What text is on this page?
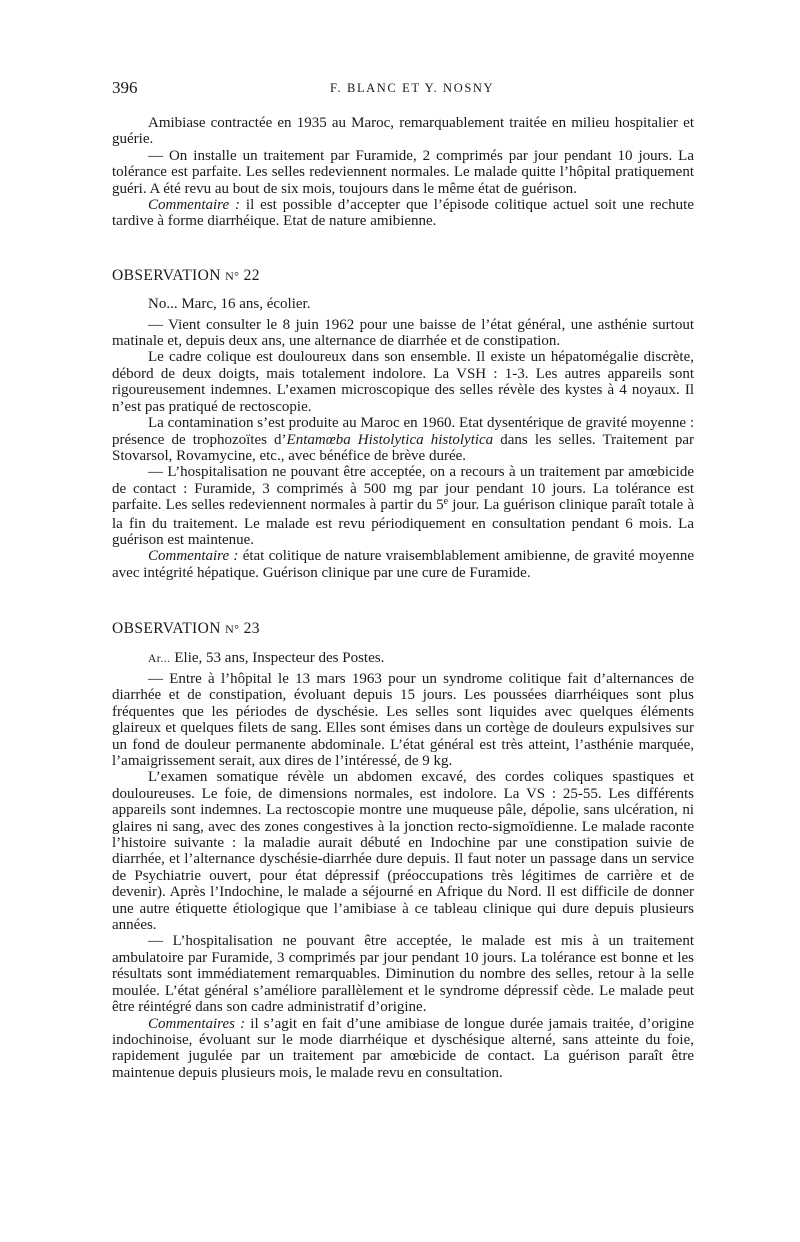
396	F. BLANC ET Y. NOSNY

Amibiase contractée en 1935 au Maroc, remarquablement traitée en milieu hospitalier et guérie.

— On installe un traitement par Furamide, 2 comprimés par jour pendant 10 jours. La tolérance est parfaite. Les selles redeviennent normales. Le malade quitte l’hôpital pratiquement guéri. A été revu au bout de six mois, toujours dans le même état de guérison.

Commentaire : il est possible d’accepter que l’épisode colitique actuel soit une rechute tardive à forme diarrhéique. Etat de nature amibienne.

OBSERVATION N° 22

No... Marc, 16 ans, écolier.

— Vient consulter le 8 juin 1962 pour une baisse de l’état général, une asthénie surtout matinale et, depuis deux ans, une alternance de diarrhée et de constipation.

Le cadre colique est douloureux dans son ensemble. Il existe un hépatomégalie discrète, débord de deux doigts, mais totalement indolore. La VSH : 1-3. Les autres appareils sont rigoureusement indemnes. L’examen microscopique des selles révèle des kystes à 4 noyaux. Il n’est pas pratiqué de rectoscopie.

La contamination s’est produite au Maroc en 1960. Etat dysentérique de gravité moyenne : présence de trophozoïtes d’Entamœba Histolytica histolytica dans les selles. Traitement par Stovarsol, Rovamycine, etc., avec bénéfice de brève durée.

— L’hospitalisation ne pouvant être acceptée, on a recours à un traitement par amœbicide de contact : Furamide, 3 comprimés à 500 mg par jour pendant 10 jours. La tolérance est parfaite. Les selles redeviennent normales à partir du 5e jour. La guérison clinique paraît totale à la fin du traitement. Le malade est revu périodiquement en consultation pendant 6 mois. La guérison est maintenue.

Commentaire : état colitique de nature vraisemblablement amibienne, de gravité moyenne avec intégrité hépatique. Guérison clinique par une cure de Furamide.

OBSERVATION N° 23

Ar... Elie, 53 ans, Inspecteur des Postes.

— Entre à l’hôpital le 13 mars 1963 pour un syndrome colitique fait d’alternances de diarrhée et de constipation, évoluant depuis 15 jours. Les poussées diarrhéiques sont plus fréquentes que les périodes de dyschésie. Les selles sont liquides avec quelques éléments glaireux et quelques filets de sang. Elles sont émises dans un cortège de douleurs expulsives sur un fond de douleur permanente abdominale. L’état général est très atteint, l’asthénie marquée, l’amaigrissement serait, aux dires de l’intéressé, de 9 kg.

L’examen somatique révèle un abdomen excavé, des cordes coliques spastiques et douloureuses. Le foie, de dimensions normales, est indolore. La VS : 25-55. Les différents appareils sont indemnes. La rectoscopie montre une muqueuse pâle, dépolie, sans ulcération, ni glaires ni sang, avec des zones congestives à la jonction recto-sigmoïdienne. Le malade raconte l’histoire suivante : la maladie aurait débuté en Indochine par une constipation suivie de diarrhée, et l’alternance dyschésie-diarrhée dure depuis. Il faut noter un passage dans un service de Psychiatrie ouvert, pour état dépressif (préoccupations très légitimes de carrière et de devenir). Après l’Indochine, le malade a séjourné en Afrique du Nord. Il est difficile de donner une autre étiquette étiologique que l’amibiase à ce tableau clinique qui dure depuis plusieurs années.

— L’hospitalisation ne pouvant être acceptée, le malade est mis à un traitement ambulatoire par Furamide, 3 comprimés par jour pendant 10 jours. La tolérance est bonne et les résultats sont immédiatement remarquables. Diminution du nombre des selles, retour à la selle moulée. L’état général s’améliore parallèlement et le syndrome dépressif cède. Le malade peut être réintégré dans son cadre administratif d’origine.

Commentaires : il s’agit en fait d’une amibiase de longue durée jamais traitée, d’origine indochinoise, évoluant sur le mode diarrhéique et dyschésique alterné, sans atteinte du foie, rapidement jugulée par un traitement par amœbicide de contact. La guérison paraît être maintenue depuis plusieurs mois, le malade revu en consultation.
